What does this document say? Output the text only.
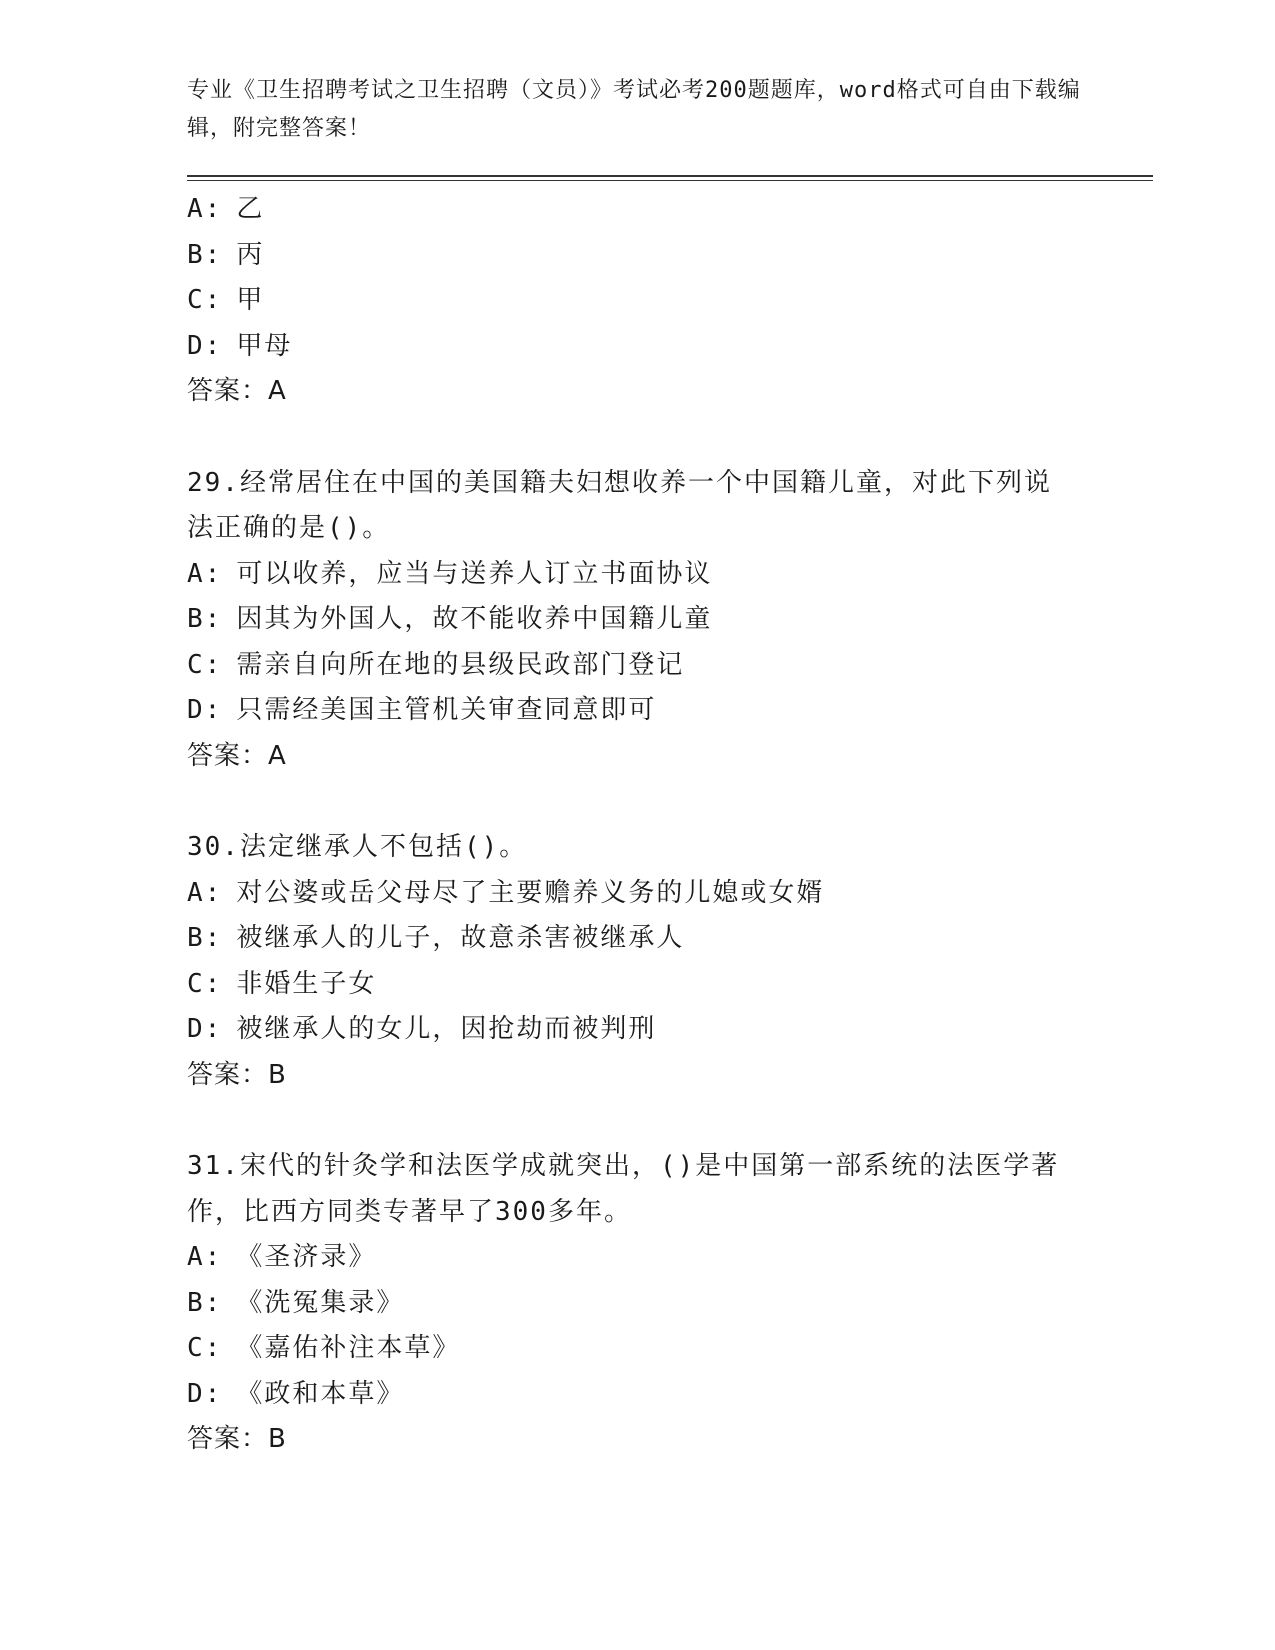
专业《卫生招聘考试之卫生招聘（文员）》考试必考200题题库，word格式可自由下载编辑，附完整答案！
A: 乙
B: 丙
C: 甲
D: 甲母
答案：A
29.经常居住在中国的美国籍夫妇想收养一个中国籍儿童，对此下列说法正确的是()。
A: 可以收养，应当与送养人订立书面协议
B: 因其为外国人，故不能收养中国籍儿童
C: 需亲自向所在地的县级民政部门登记
D: 只需经美国主管机关审查同意即可
答案：A
30.法定继承人不包括()。
A: 对公婆或岳父母尽了主要赡养义务的儿媳或女婿
B: 被继承人的儿子，故意杀害被继承人
C: 非婚生子女
D: 被继承人的女儿，因抢劫而被判刑
答案：B
31.宋代的针灸学和法医学成就突出，()是中国第一部系统的法医学著作，比西方同类专著早了300多年。
A: 《圣济录》
B: 《洗冤集录》
C: 《嘉佑补注本草》
D: 《政和本草》
答案：B
